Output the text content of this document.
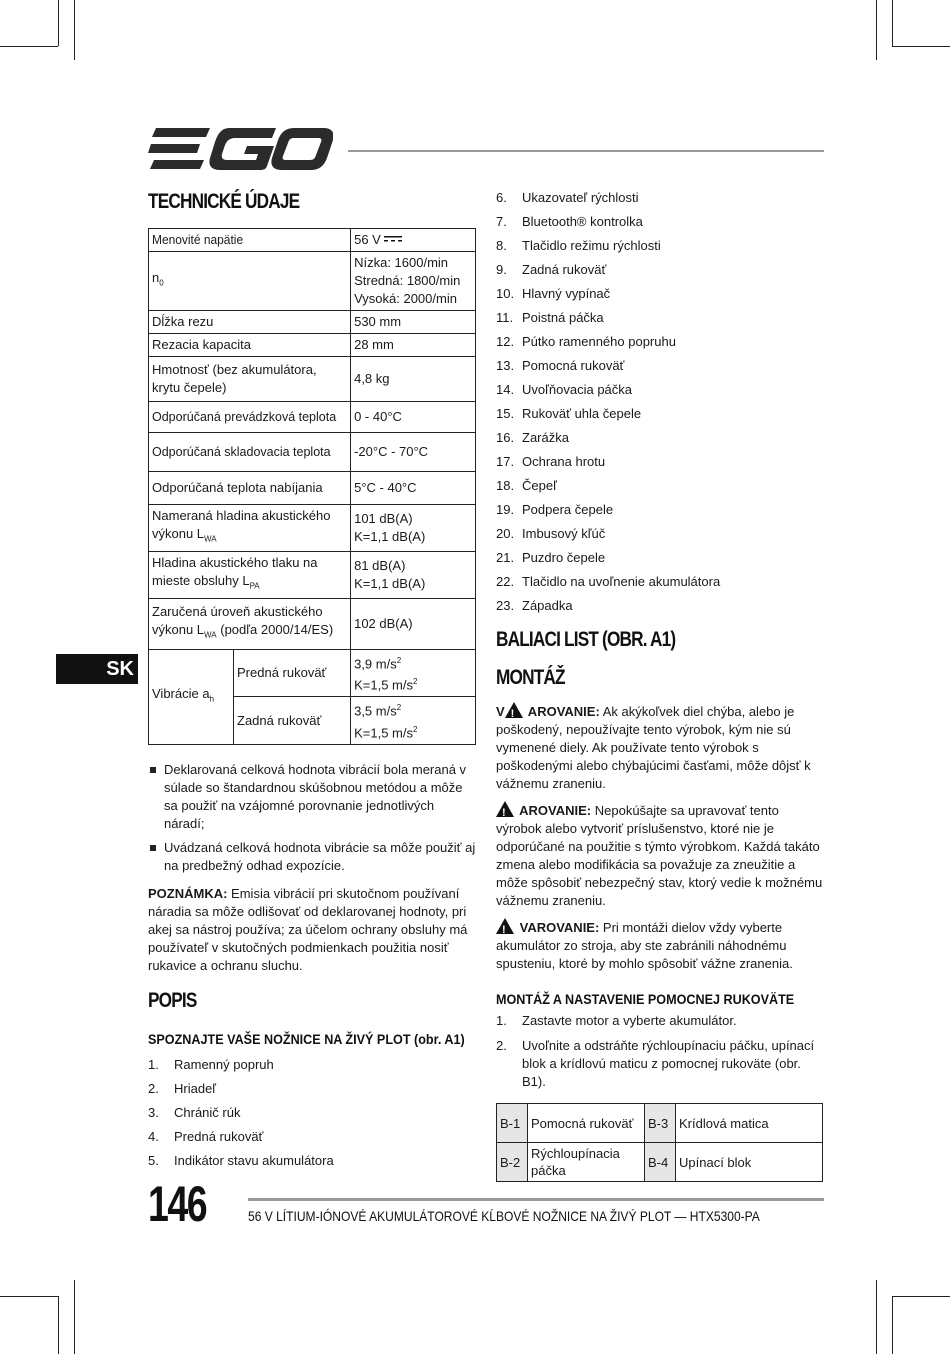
SK
TECHNICKÉ ÚDAJE
Menovité napätie		56 V
$n_0$		Nízka: 1600/min
Stredná: 1800/min
Vysoká: 2000/min

Dĺžka rezu		530 mm
Rezacia kapacita		28 mm
Hmotnosť (bez akumulátora, krytu čepele)		4,8 kg
Odporúčaná prevádzková teplota		0 - 40°C
Odporúčaná skladovacia teplota		-20°C - 70°C
Odporúčaná teplota nabíjania		5°C - 40°C
Nameraná hladina akustického výkonu $L_{WA}$		101 dB(A)
K=1,1 dB(A)

Hladina akustického tlaku na mieste obsluhy $L_{PA}$		81 dB(A)
K=1,1 dB(A)

Zaručená úroveň akustického výkonu $L_{WA}$ (podľa 2000/14/ES)		102 dB(A)
Vibrácie $a_h$	Predná rukoväť	3,9 $m/s^2$
K=1,5 $m/s^2$

	Zadná rukoväť	3,5 $m/s^2$
K=1,5 $m/s^2$
Deklarovaná celková hodnota vibrácií bola meraná v súlade so štandardnou skúšobnou metódou a môže sa použiť na vzájomné porovnanie jednotlivých náradí;
Uvádzaná celková hodnota vibrácie sa môže použiť aj na predbežný odhad expozície.

POZNÁMKA: Emisia vibrácií pri skutočnom používaní náradia sa môže odlišovať od deklarovanej hodnoty, pri akej sa nástroj používa; za účelom ochrany obsluhy má používateľ v skutočných podmienkach použitia nosiť rukavice a ochranu sluchu.

POPIS
SPOZNAJTE VAŠE NOŽNICE NA ŽIVÝ PLOT (obr. A1)
1.	Ramenný popruh
2.	Hriadeľ
3.	Chránič rúk
4.	Predná rukoväť
5.	Indikátor stavu akumulátora
6.	Ukazovateľ rýchlosti
7.	Bluetooth® kontrolka
8.	Tlačidlo režimu rýchlosti
9.	Zadná rukoväť
10. Hlavný vypínač
11. Poistná páčka
12. Pútko ramenného popruhu
13. Pomocná rukoväť
14. Uvoľňovacia páčka
15. Rukoväť uhla čepele
16. Zarážka
17. Ochrana hrotu
18. Čepeľ
19. Podpera čepele
20. Imbusový kľúč
21. Puzdro čepele
22. Tlačidlo na uvoľnenie akumulátora
23. Západka
BALIACI LIST (OBR. A1)
MONTÁŽ

V! AROVANIE: Ak akýkoľvek diel chýba, alebo je poškodený, nepoužívajte tento výrobok, kým nie sú vymenené diely. Ak používate tento výrobok s poškodenými alebo chýbajúcimi časťami, môže dôjsť k vážnemu zraneniu.

! AROVANIE: Nepokúšajte sa upravovať tento výrobok alebo vytvoriť príslušenstvo, ktoré nie je odporúčané na použitie s týmto výrobkom. Každá takáto zmena alebo modifikácia sa považuje za zneužitie a môže spôsobiť nebezpečný stav, ktorý vedie k možnému vážnemu zraneniu.

! VAROVANIE: Pri montáži dielov vždy vyberte akumulátor zo stroja, aby ste zabránili náhodnému spusteniu, ktoré by mohlo spôsobiť vážne zranenia.

MONTÁŽ A NASTAVENIE POMOCNEJ RUKOVÄTE
1.	Zastavte motor a vyberte akumulátor.
2.	Uvoľnite a odstráňte rýchloupínaciu páčku, upínací blok a krídlovú maticu z pomocnej rukoväte (obr. B1).
B-1	Pomocná rukoväť	B-3	Krídlová matica
B-2	Rýchloupínacia páčka	B-4	Upínací blok
146	56 V LÍTIUM-IÓNOVÉ AKUMULÁTOROVÉ KĹBOVÉ NOŽNICE NA ŽIVÝ PLOT — HTX5300-PA
